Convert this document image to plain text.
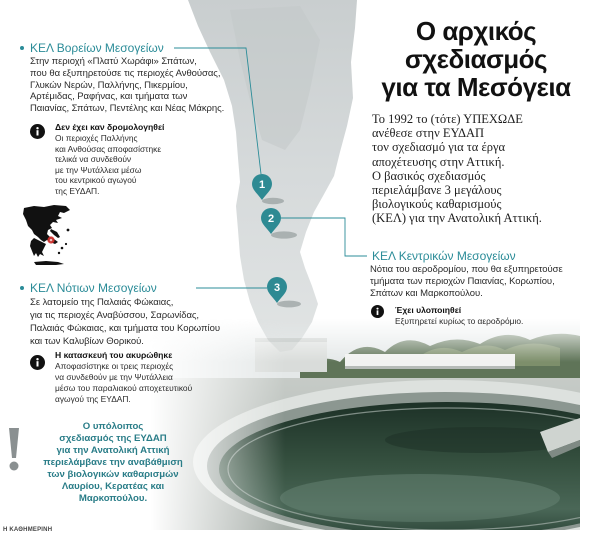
1
2
3
Ο αρχικός
σχεδιασμός
για τα Μεσόγεια
Το 1992 το (τότε) ΥΠΕΧΩΔΕ
ανέθεσε στην ΕΥΔΑΠ
τον σχεδιασμό για τα έργα
αποχέτευσης στην Αττική.
Ο βασικός σχεδιασμός
περιελάμβανε 3 μεγάλους
βιολογικούς καθαρισμούς
(ΚΕΛ) για την Ανατολική Αττική.
ΚΕΛ Βορείων Μεσογείων
Στην περιοχή «Πλατύ Χωράφι» Σπάτων,
που θα εξυπηρετούσε τις περιοχές Ανθούσας,
Γλυκών Νερών, Παλλήνης, Πικερμίου,
Αρτέμιδας, Ραφήνας, και τμήματα των
Παιανίας, Σπάτων, Πεντέλης και Νέας Μάκρης.
Δεν έχει καν δρομολογηθεί
Οι περιοχές Παλλήνης
και Ανθούσας αποφασίστηκε
τελικά να συνδεθούν
με την Ψυτάλλεια μέσω
του κεντρικού αγωγού
της ΕΥΔΑΠ.
ΚΕΛ Κεντρικών Μεσογείων
Νότια του αεροδρομίου, που θα εξυπηρετούσε
τμήματα των περιοχών Παιανίας, Κορωπίου,
Σπάτων και Μαρκοπούλου.
Έχει υλοποιηθεί
Εξυπηρετεί κυρίως το αεροδρόμιο.
ΚΕΛ Νότιων Μεσογείων
Σε λατομείο της Παλαιάς Φώκαιας,
για τις περιοχές Αναβύσσου, Σαρωνίδας,
Παλαιάς Φώκαιας, και τμήματα του Κορωπίου
και των Καλυβίων Θορικού.
Η κατασκευή του ακυρώθηκε
Αποφασίστηκε οι τρεις περιοχές
να συνδεθούν με την Ψυτάλλεια
μέσω του παραλιακού αποχετευτικού
αγωγού της ΕΥΔΑΠ.
Ο υπόλοιπος
σχεδιασμός της ΕΥΔΑΠ
για την Ανατολική Αττική
περιελάμβανε την αναβάθμιση
των βιολογικών καθαρισμών
Λαυρίου, Κερατέας και
Μαρκοπούλου.
Η ΚΑΘΗΜΕΡΙΝΗ
